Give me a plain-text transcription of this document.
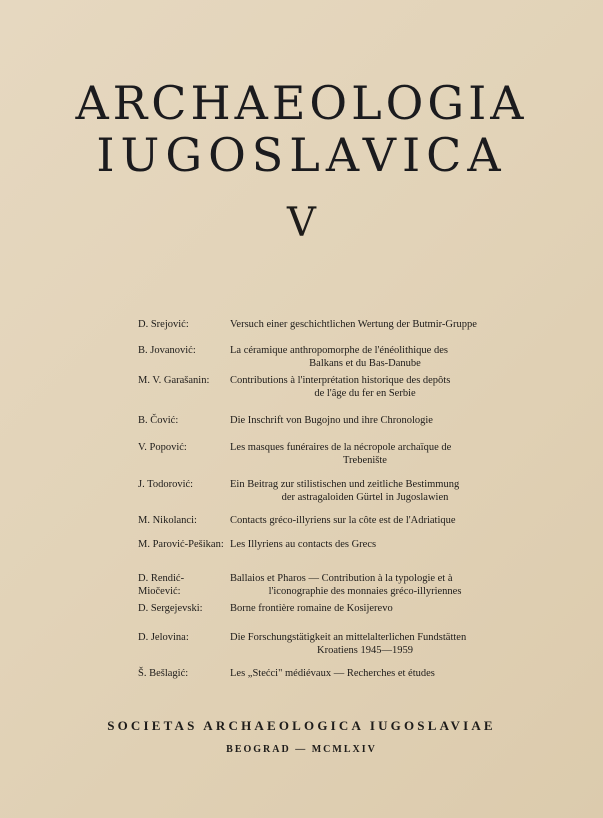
ARCHAEOLOGIA
IUGOSLAVICA
V
D. Srejović:	Versuch einer geschichtlichen Wertung der Butmir-Gruppe
B. Jovanović:	La céramique anthropomorphe de l'énéolithique des
Balkans et du Bas-Danube
M. V. Garašanin:	Contributions à l'interprétation historique des depôts
de l'âge du fer en Serbie
B. Čović:	Die Inschrift von Bugojno und ihre Chronologie
V. Popović:	Les masques funéraires de la nécropole archaïque de
Trebenište
J. Todorović:	Ein Beitrag zur stilistischen und zeitliche Bestimmung
der astragaloiden Gürtel in Jugoslawien
M. Nikolanci:	Contacts gréco-illyriens sur la côte est de l'Adriatique
M. Parović-Pešikan: Les Illyriens au contacts des Grecs
D. Rendić-Miočević:
Ballaios et Pharos — Contribution à la typologie et à
l'iconographie des monnaies gréco-illyriennes
D. Sergejevski:	Borne frontière romaine de Kosijerevo
D. Jelovina:	Die Forschungstätigkeit an mittelalterlichen Fundstätten
Kroatiens 1945—1959
Š. Bešlagić:	Les „Stećci" médiévaux — Recherches et études
SOCIETAS ARCHAEOLOGICA IUGOSLAVIAE
BEOGRAD — MCMLXIV
